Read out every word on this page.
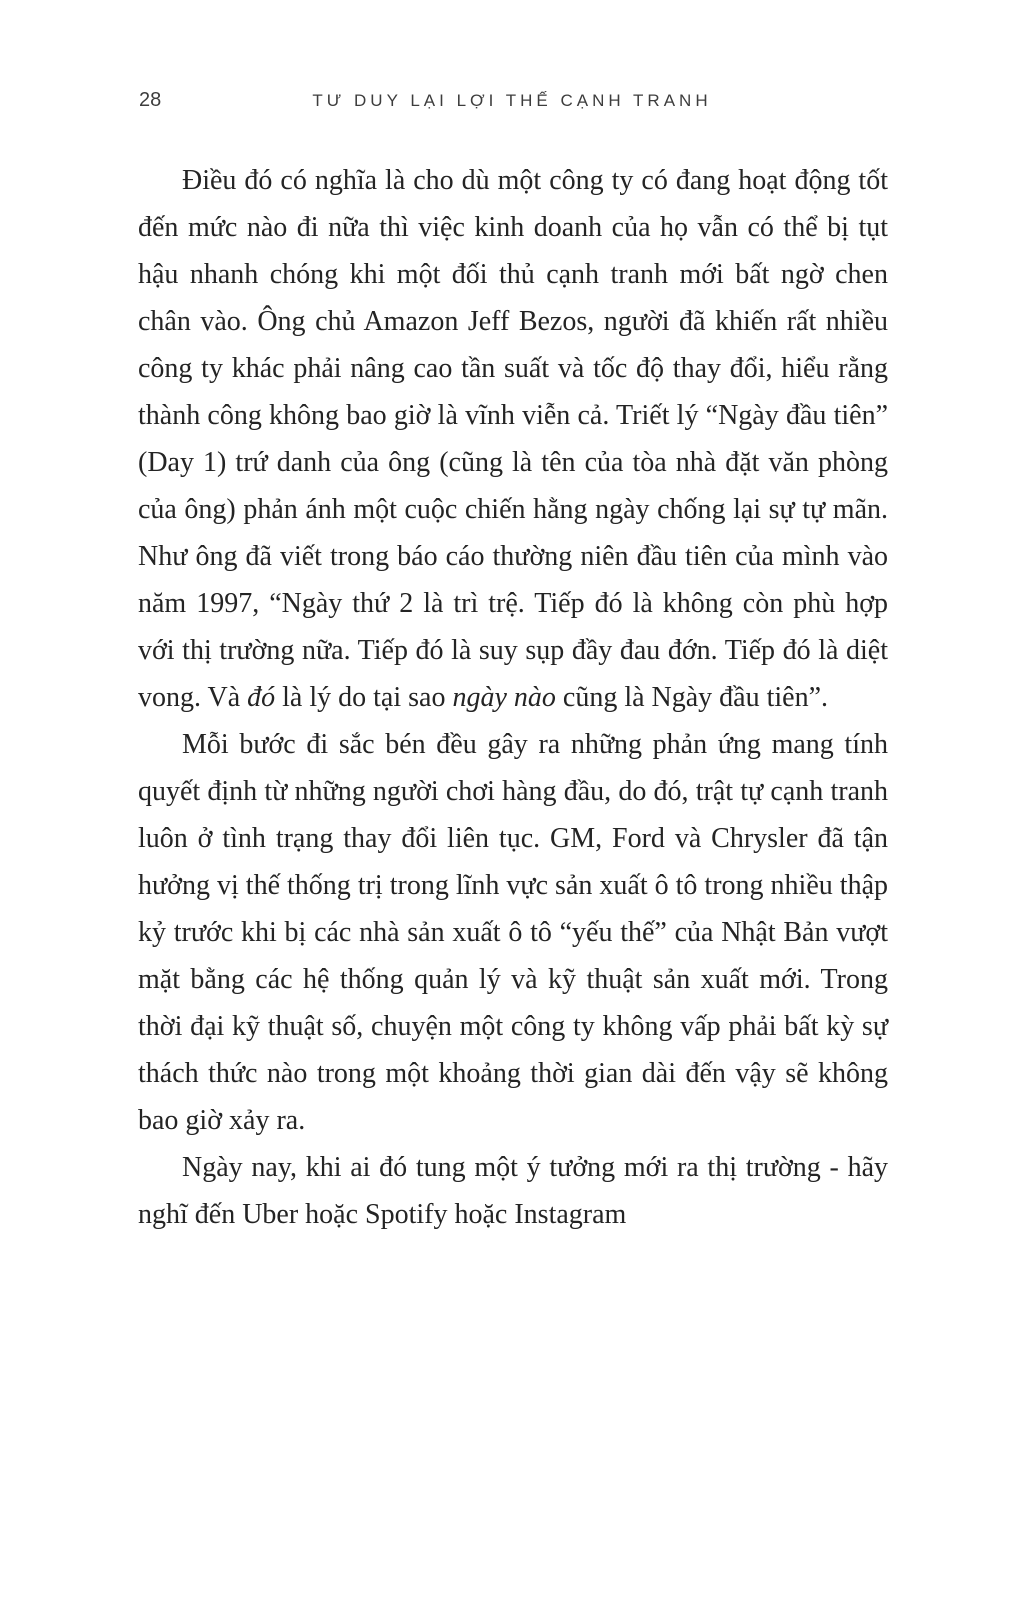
28	TƯ DUY LẠI LỢI THẾ CẠNH TRANH

Điều đó có nghĩa là cho dù một công ty có đang hoạt động tốt đến mức nào đi nữa thì việc kinh doanh của họ vẫn có thể bị tụt hậu nhanh chóng khi một đối thủ cạnh tranh mới bất ngờ chen chân vào. Ông chủ Amazon Jeff Bezos, người đã khiến rất nhiều công ty khác phải nâng cao tần suất và tốc độ thay đổi, hiểu rằng thành công không bao giờ là vĩnh viễn cả. Triết lý “Ngày đầu tiên” (Day 1) trứ danh của ông (cũng là tên của tòa nhà đặt văn phòng của ông) phản ánh một cuộc chiến hằng ngày chống lại sự tự mãn. Như ông đã viết trong báo cáo thường niên đầu tiên của mình vào năm 1997, “Ngày thứ 2 là trì trệ. Tiếp đó là không còn phù hợp với thị trường nữa. Tiếp đó là suy sụp đầy đau đớn. Tiếp đó là diệt vong. Và đó là lý do tại sao ngày nào cũng là Ngày đầu tiên”.

Mỗi bước đi sắc bén đều gây ra những phản ứng mang tính quyết định từ những người chơi hàng đầu, do đó, trật tự cạnh tranh luôn ở tình trạng thay đổi liên tục. GM, Ford và Chrysler đã tận hưởng vị thế thống trị trong lĩnh vực sản xuất ô tô trong nhiều thập kỷ trước khi bị các nhà sản xuất ô tô “yếu thế” của Nhật Bản vượt mặt bằng các hệ thống quản lý và kỹ thuật sản xuất mới. Trong thời đại kỹ thuật số, chuyện một công ty không vấp phải bất kỳ sự thách thức nào trong một khoảng thời gian dài đến vậy sẽ không bao giờ xảy ra.

Ngày nay, khi ai đó tung một ý tưởng mới ra thị trường - hãy nghĩ đến Uber hoặc Spotify hoặc Instagram
